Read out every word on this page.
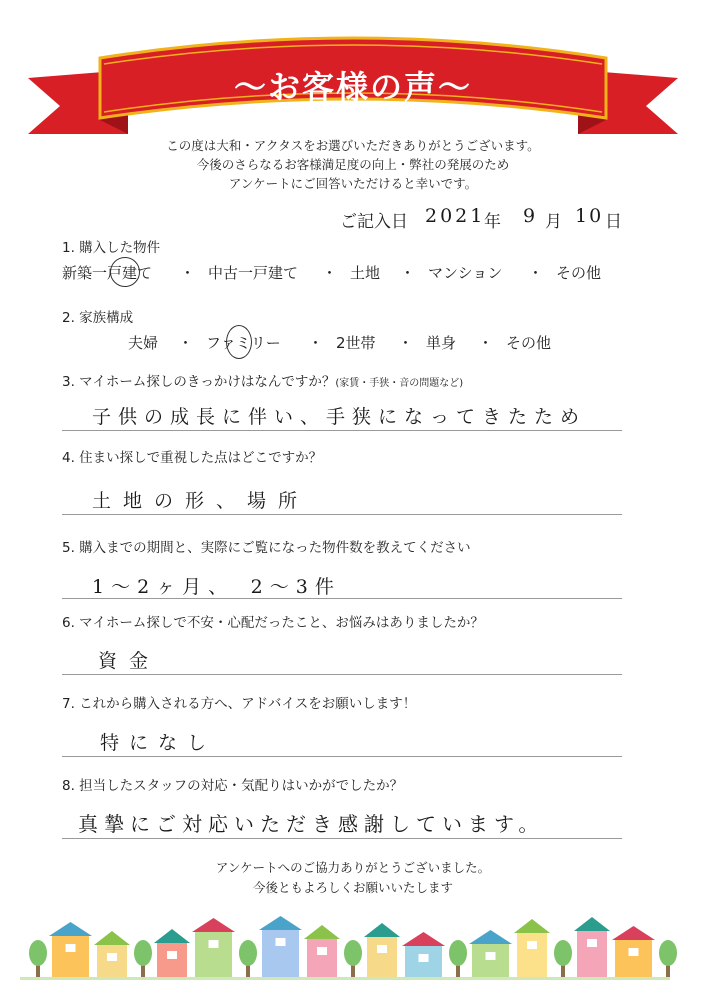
～お客様の声～
この度は大和・アクタスをお選びいただきありがとうございます。
今後のさらなるお客様満足度の向上・弊社の発展のため
アンケートにご回答いただけると幸いです。
ご記入日 2021
年 9 月 10 日
1. 購入した物件
新築一戸建て ・ 中古一戸建て ・ 土地 ・ マンション ・ その他
2. 家族構成
夫婦 ・ ファミリー ・ 2世帯 ・ 単身 ・ その他
3. マイホーム探しのきっかけはなんですか？(家賃・手狭・音の問題など)
子供の成長に伴い、手狭になってきたため
4. 住まい探しで重視した点はどこですか？
土地の形、場所
5. 購入までの期間と、実際にご覧になった物件数を教えてください
1～2ヶ月、　2～3件
6. マイホーム探しで不安・心配だったこと、お悩みはありましたか？
資金
7. これから購入される方へ、アドバイスをお願いします！
特になし
8. 担当したスタッフの対応・気配りはいかがでしたか？
真摯にご対応いただき感謝しています。
アンケートへのご協力ありがとうございました。
今後ともよろしくお願いいたします
